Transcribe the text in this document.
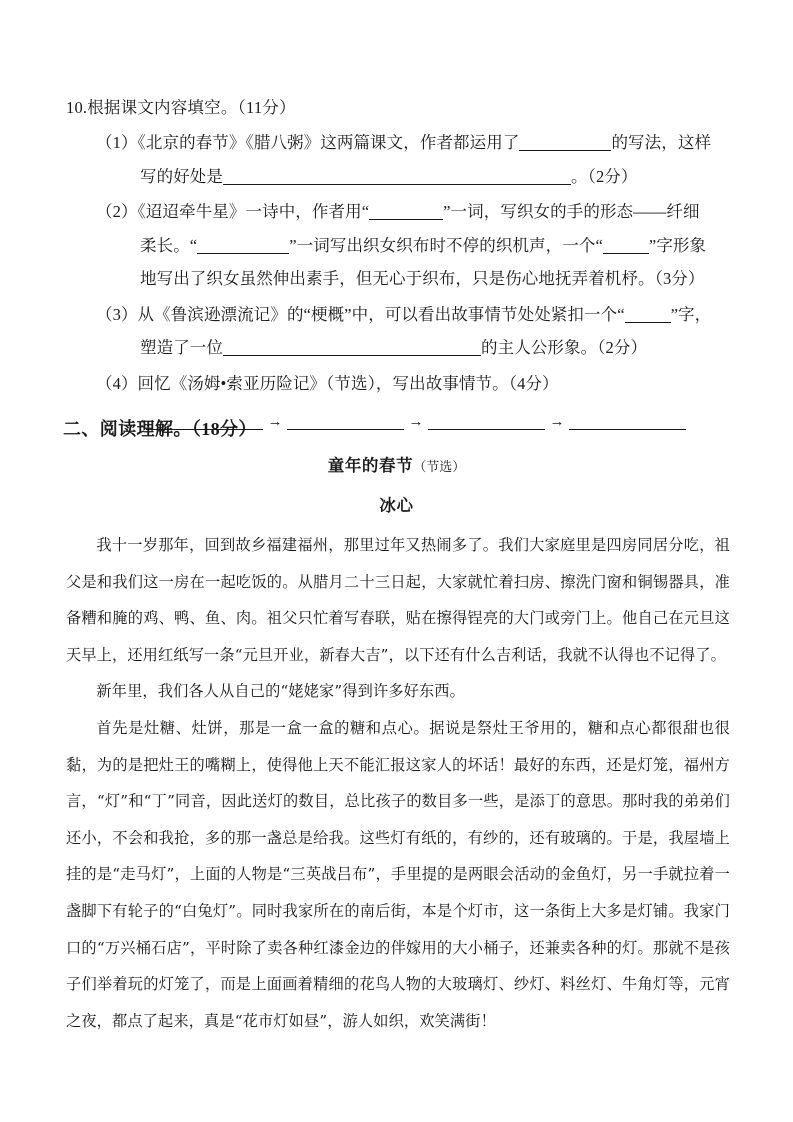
10.根据课文内容填空。（11分）
（1）《北京的春节》《腊八粥》这两篇课文，作者都运用了	的写法，这样
写的好处是	。（2分）
（2）《迢迢牵牛星》一诗中，作者用“	”一词，写织女的手的形态——纤细
柔长。“	”一词写出织女织布时不停的织机声，一个“	”字形象
地写出了织女虽然伸出素手，但无心于织布，只是伤心地抚弄着机杼。（3分）
（3）从《鲁滨逊漂流记》的“梗概”中，可以看出故事情节处处紧扣一个“	”字，
塑造了一位	的主人公形象。（2分）
（4）回忆《汤姆•索亚历险记》（节选），写出故事情节。（4分）
→	→	→
二、阅读理解。（18分）
童年的春节（节选）
冰心

我十一岁那年，回到故乡福建福州，那里过年又热闹多了。我们大家庭里是四房同居分吃，祖父是和我们这一房在一起吃饭的。从腊月二十三日起，大家就忙着扫房、擦洗门窗和铜锡器具，准备糟和腌的鸡、鸭、鱼、肉。祖父只忙着写春联，贴在擦得锃亮的大门或旁门上。他自己在元旦这天早上，还用红纸写一条“元旦开业，新春大吉”，以下还有什么吉利话，我就不认得也不记得了。

新年里，我们各人从自己的“姥姥家”得到许多好东西。

首先是灶糖、灶饼，那是一盒一盒的糖和点心。据说是祭灶王爷用的，糖和点心都很甜也很黏，为的是把灶王的嘴糊上，使得他上天不能汇报这家人的坏话！最好的东西，还是灯笼，福州方言，“灯”和“丁”同音，因此送灯的数目，总比孩子的数目多一些，是添丁的意思。那时我的弟弟们还小，不会和我抢，多的那一盏总是给我。这些灯有纸的，有纱的，还有玻璃的。于是，我屋墙上挂的是“走马灯”，上面的人物是“三英战吕布”，手里提的是两眼会活动的金鱼灯，另一手就拉着一盏脚下有轮子的“白兔灯”。同时我家所在的南后街，本是个灯市，这一条街上大多是灯铺。我家门口的“万兴桶石店”，平时除了卖各种红漆金边的伴嫁用的大小桶子，还兼卖各种的灯。那就不是孩子们举着玩的灯笼了，而是上面画着精细的花鸟人物的大玻璃灯、纱灯、料丝灯、牛角灯等，元宵之夜，都点了起来，真是“花市灯如昼”，游人如织，欢笑满街！
